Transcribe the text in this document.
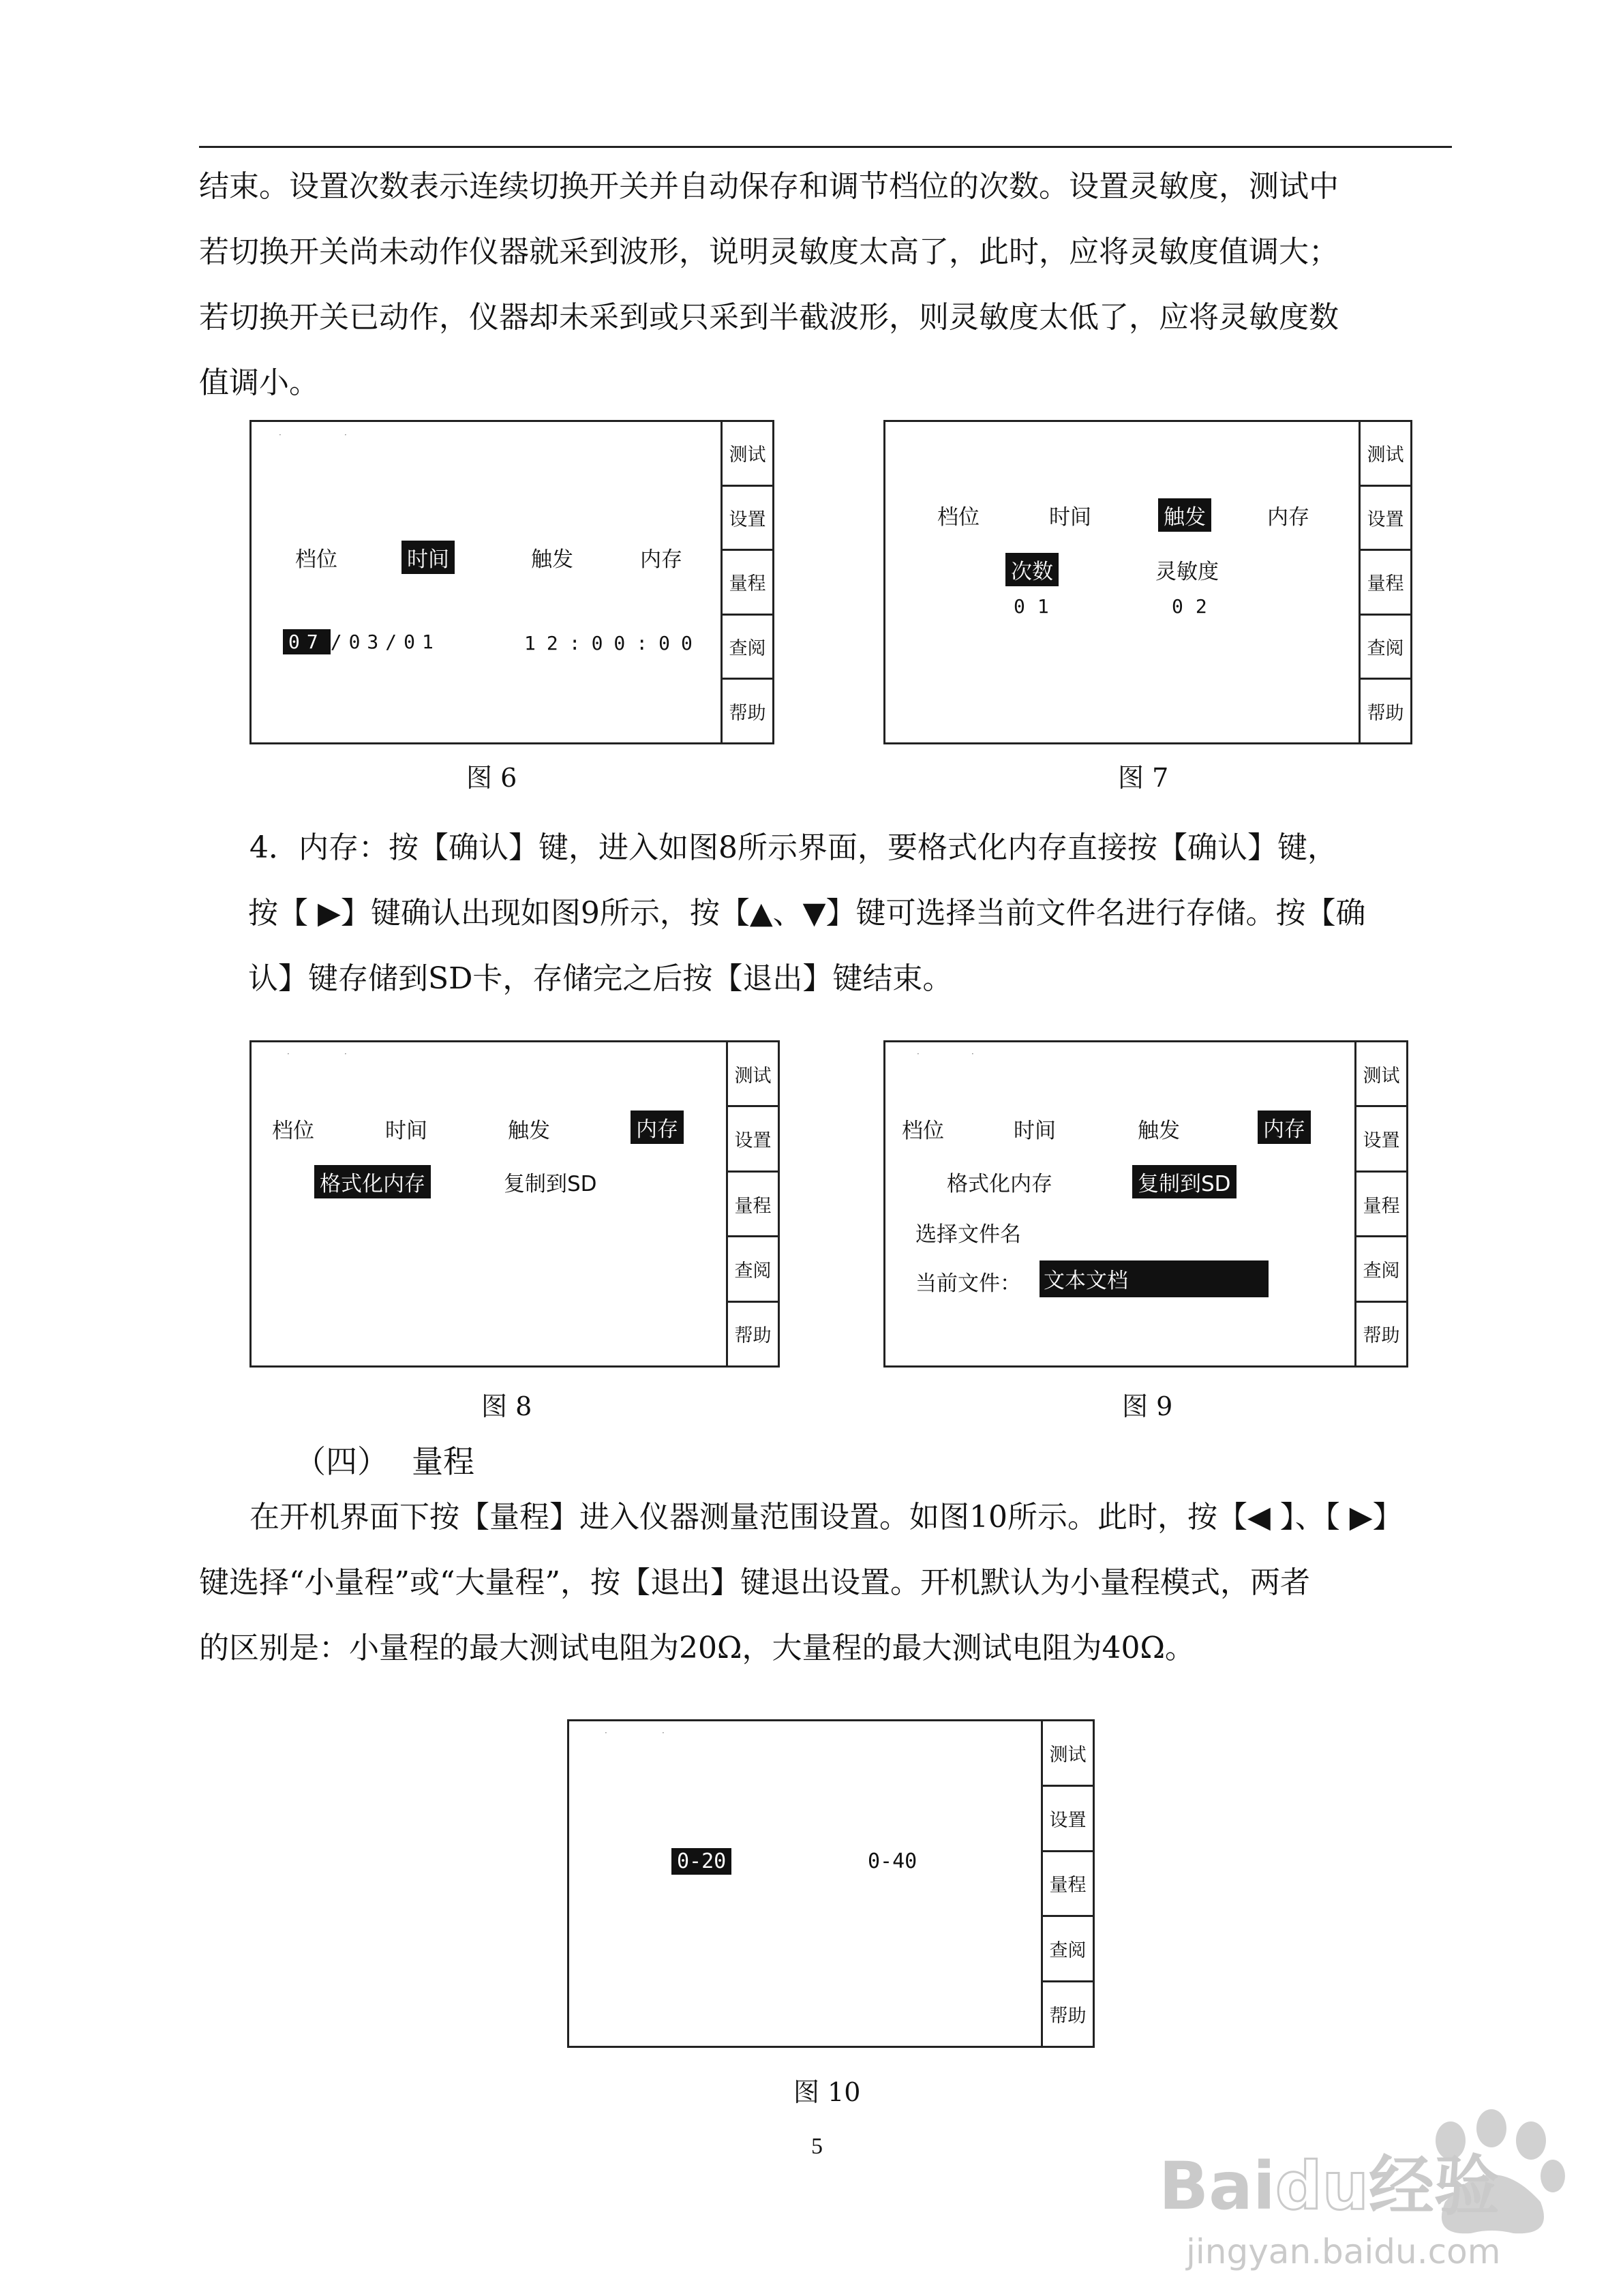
结束。设置次数表示连续切换开关并自动保存和调节档位的次数。设置灵敏度，测试中
若切换开关尚未动作仪器就采到波形，说明灵敏度太高了，此时，应将灵敏度值调大；
若切换开关已动作，仪器却未采到或只采到半截波形，则灵敏度太低了，应将灵敏度数
值调小。

·	·
档位	时间	触发	内存
07 /03/01	12:00:00
测试
设置
量程
查阅
帮助
图 6
档位	时间	触发	内存
次数	灵敏度
01	02
测试
设置
量程
查阅
帮助
图 7

4．内存：按【确认】键，进入如图8所示界面，要格式化内存直接按【确认】键，
按【 ▶】键确认出现如图9所示，按【▲、▼】键可选择当前文件名进行存储。按【确
认】键存储到SD卡，存储完之后按【退出】键结束。

·	·
档位	时间	触发	内存
格式化内存	复制到SD
测试
设置
量程
查阅
帮助
图 8
·	·
档位	时间	触发	内存
格式化内存	复制到SD
选择文件名
当前文件： 文本文档
测试
设置
量程
查阅
帮助
图 9
（四） 量程

在开机界面下按【量程】进入仪器测量范围设置。如图10所示。此时，按【◀ 】、【 ▶】
键选择“小量程”或“大量程”，按【退出】键退出设置。开机默认为小量程模式，两者
的区别是：小量程的最大测试电阻为20Ω，大量程的最大测试电阻为40Ω。

·	·
0-20	0-40
测试
设置
量程
查阅
帮助
图 10
5
Baidu经验
jingyan.baidu.com
